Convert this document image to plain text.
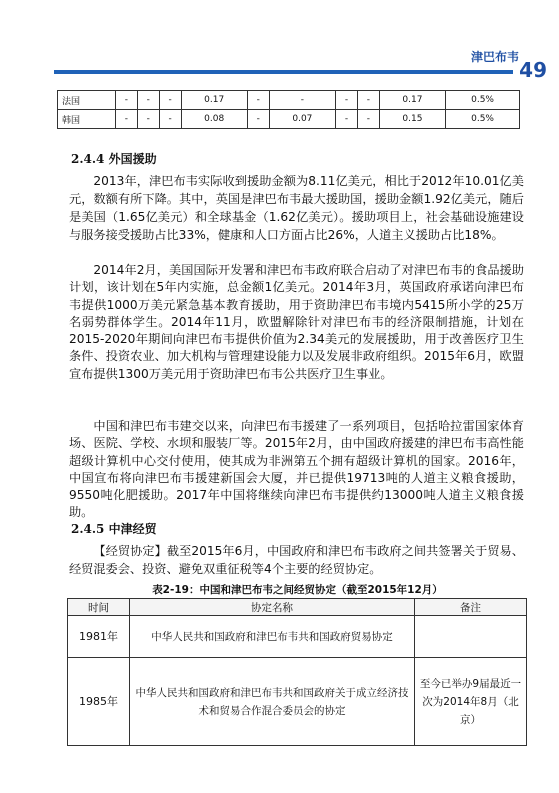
津巴布韦
49
法国	-	-	-	0.17	-	-	-	-	0.17	0.5%
韩国	-	-	-	0.08	-	0.07	-	-	0.15	0.5%
2.4.4 外国援助

2013年，津巴布韦实际收到援助金额为8.11亿美元，相比于2012年10.01亿美元，数额有所下降。其中，英国是津巴布韦最大援助国，援助金额1.92亿美元，随后是美国（1.65亿美元）和全球基金（1.62亿美元）。援助项目上，社会基础设施建设与服务接受援助占比33%，健康和人口方面占比26%，人道主义援助占比18%。

2014年2月，美国国际开发署和津巴布韦政府联合启动了对津巴布韦的食品援助计划，该计划在5年内实施，总金额1亿美元。2014年3月，英国政府承诺向津巴布韦提供1000万美元紧急基本教育援助，用于资助津巴布韦境内5415所小学的25万名弱势群体学生。2014年11月，欧盟解除针对津巴布韦的经济限制措施，计划在2015-2020年期间向津巴布韦提供价值为2.34美元的发展援助，用于改善医疗卫生条件、投资农业、加大机构与管理建设能力以及发展非政府组织。2015年6月，欧盟宣布提供1300万美元用于资助津巴布韦公共医疗卫生事业。

中国和津巴布韦建交以来，向津巴布韦援建了一系列项目，包括哈拉雷国家体育场、医院、学校、水坝和服装厂等。2015年2月，由中国政府援建的津巴布韦高性能超级计算机中心交付使用，使其成为非洲第五个拥有超级计算机的国家。2016年，中国宣布将向津巴布韦援建新国会大厦，并已提供19713吨的人道主义粮食援助，9550吨化肥援助。2017年中国将继续向津巴布韦提供约13000吨人道主义粮食援助。

2.4.5 中津经贸

【经贸协定】截至2015年6月，中国政府和津巴布韦政府之间共签署关于贸易、经贸混委会、投资、避免双重征税等4个主要的经贸协定。

表2-19：中国和津巴布韦之间经贸协定（截至2015年12月）
时间	协定名称	备注
1981年	中华人民共和国政府和津巴布韦共和国政府贸易协定	
1985年	中华人民共和国政府和津巴布韦共和国政府关于成立经济技术和贸易合作混合委员会的协定	至今已举办9届最近一次为2014年8月（北京）
